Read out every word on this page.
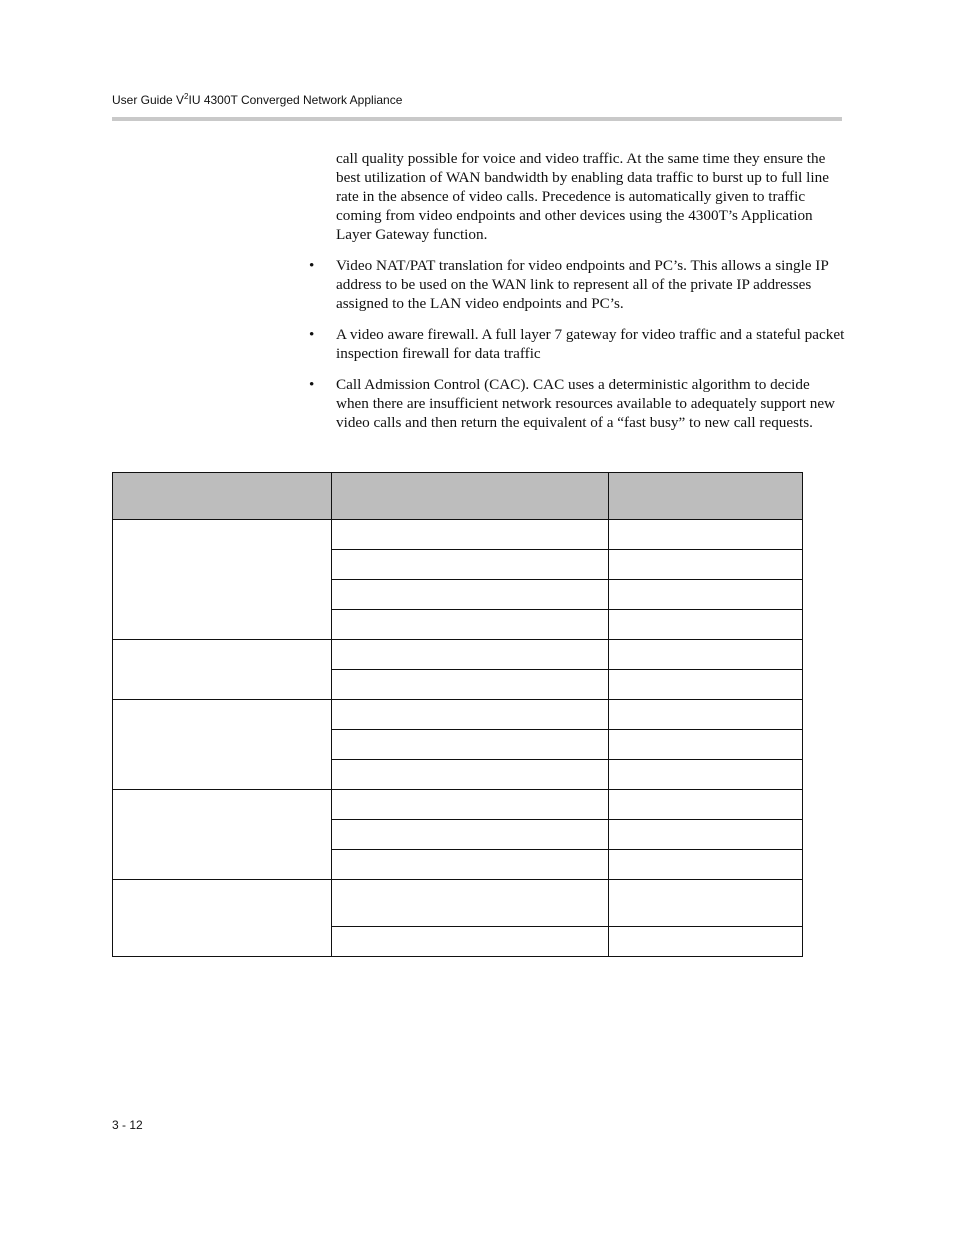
User Guide $V^2IU$ 4300T Converged Network Appliance

call quality possible for voice and video traffic. At the same time they ensure the best utilization of WAN bandwidth by enabling data traffic to burst up to full line rate in the absence of video calls. Precedence is automatically given to traffic coming from video endpoints and other devices using the 4300T’s Application Layer Gateway function.

• Video NAT/PAT translation for video endpoints and PC’s. This allows a single IP address to be used on the WAN link to represent all of the private IP addresses assigned to the LAN video endpoints and PC’s.
• A video aware firewall. A full layer 7 gateway for video traffic and a stateful packet inspection firewall for data traffic
• Call Admission Control (CAC). CAC uses a deterministic algorithm to decide when there are insufficient network resources available to adequately support new video calls and then return the equivalent of a “fast busy” to new call requests.

3 - 12
